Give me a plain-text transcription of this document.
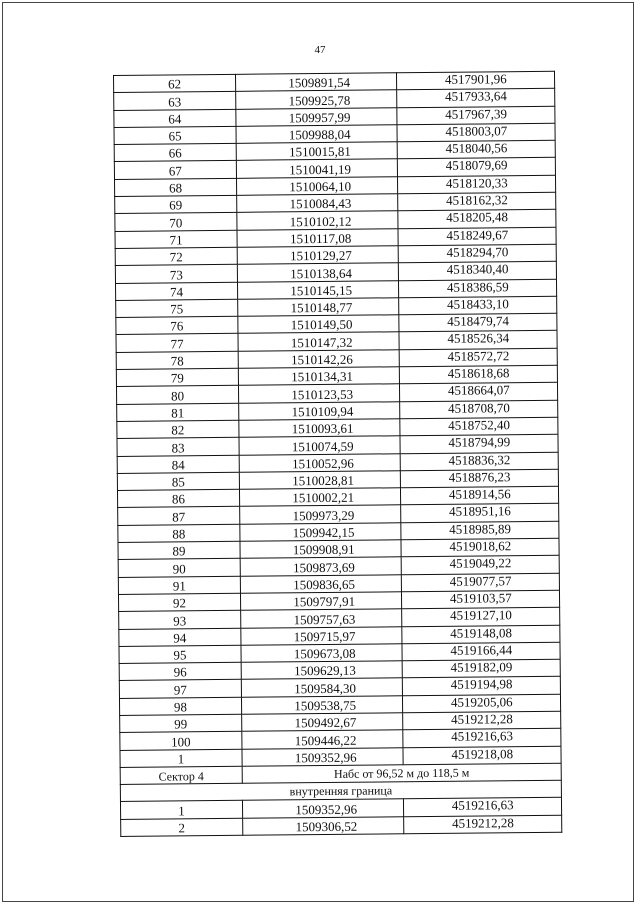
47
62	1509891,54	4517901,96
63	1509925,78	4517933,64
64	1509957,99	4517967,39
65	1509988,04	4518003,07
66	1510015,81	4518040,56
67	1510041,19	4518079,69
68	1510064,10	4518120,33
69	1510084,43	4518162,32
70	1510102,12	4518205,48
71	1510117,08	4518249,67
72	1510129,27	4518294,70
73	1510138,64	4518340,40
74	1510145,15	4518386,59
75	1510148,77	4518433,10
76	1510149,50	4518479,74
77	1510147,32	4518526,34
78	1510142,26	4518572,72
79	1510134,31	4518618,68
80	1510123,53	4518664,07
81	1510109,94	4518708,70
82	1510093,61	4518752,40
83	1510074,59	4518794,99
84	1510052,96	4518836,32
85	1510028,81	4518876,23
86	1510002,21	4518914,56
87	1509973,29	4518951,16
88	1509942,15	4518985,89
89	1509908,91	4519018,62
90	1509873,69	4519049,22
91	1509836,65	4519077,57
92	1509797,91	4519103,57
93	1509757,63	4519127,10
94	1509715,97	4519148,08
95	1509673,08	4519166,44
96	1509629,13	4519182,09
97	1509584,30	4519194,98
98	1509538,75	4519205,06
99	1509492,67	4519212,28
100	1509446,22	4519216,63
1	1509352,96	4519218,08
Сектор 4	Набс от 96,52 м до 118,5 м	
внутренняя граница		
1	1509352,96	4519216,63
2	1509306,52	4519212,28
